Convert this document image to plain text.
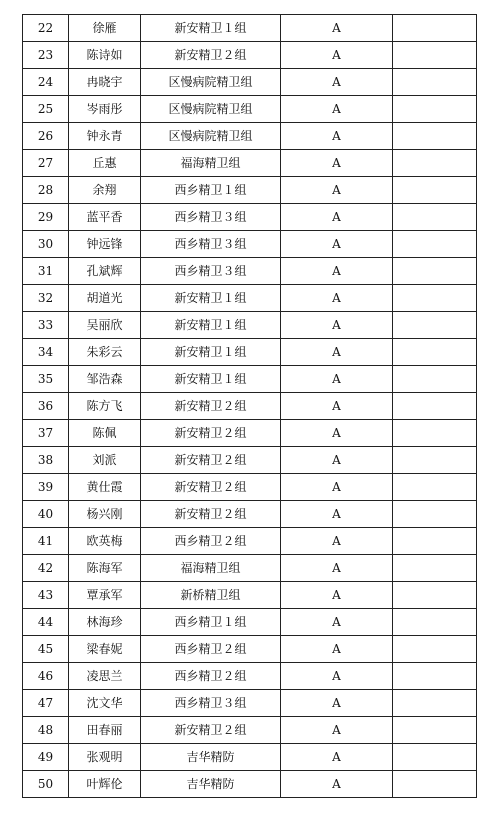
22	徐雁	新安精卫１组	A	
23	陈诗如	新安精卫２组	A	
24	冉晓宇	区慢病院精卫组	A	
25	岑雨彤	区慢病院精卫组	A	
26	钟永青	区慢病院精卫组	A	
27	丘惠	福海精卫组	A	
28	余翔	西乡精卫１组	A	
29	蓝平香	西乡精卫３组	A	
30	钟远锋	西乡精卫３组	A	
31	孔斌辉	西乡精卫３组	A	
32	胡道光	新安精卫１组	A	
33	吴丽欣	新安精卫１组	A	
34	朱彩云	新安精卫１组	A	
35	邹浩森	新安精卫１组	A	
36	陈方飞	新安精卫２组	A	
37	陈佩	新安精卫２组	A	
38	刘派	新安精卫２组	A	
39	黄仕霞	新安精卫２组	A	
40	杨兴刚	新安精卫２组	A	
41	欧英梅	西乡精卫２组	A	
42	陈海军	福海精卫组	A	
43	覃承军	新桥精卫组	A	
44	林海珍	西乡精卫１组	A	
45	梁春妮	西乡精卫２组	A	
46	凌思兰	西乡精卫２组	A	
47	沈文华	西乡精卫３组	A	
48	田春丽	新安精卫２组	A	
49	张观明	吉华精防	A	
50	叶辉伦	吉华精防	A	
